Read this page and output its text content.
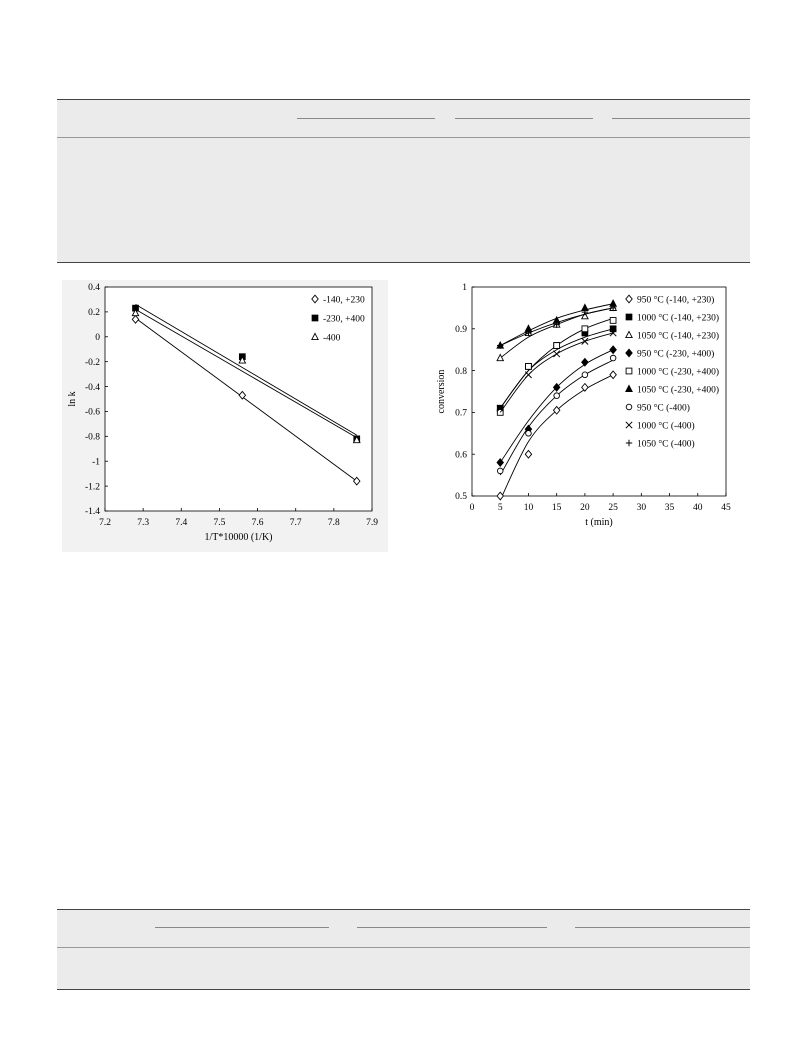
7.2	7.3	7.4	7.5	7.6	7.7	7.8	7.9
-1.4
-1.2
-1
-0.8
-0.6
-0.4
-0.2
0
0.2
0.4
1/T*10000 (1/K)
ln k
-140, +230
-230, +400
-400
0 5 10 15 20 25 30 35 40 45
0.5
0.6
0.7
0.8
0.9
1
t (min)
conversion
950 °C (-140, +230)
1000 °C (-140, +230)
1050 °C (-140, +230)
950 °C (-230, +400)
1000 °C (-230, +400)
1050 °C (-230, +400)
950 °C (-400)
1000 °C (-400)
1050 °C (-400)
